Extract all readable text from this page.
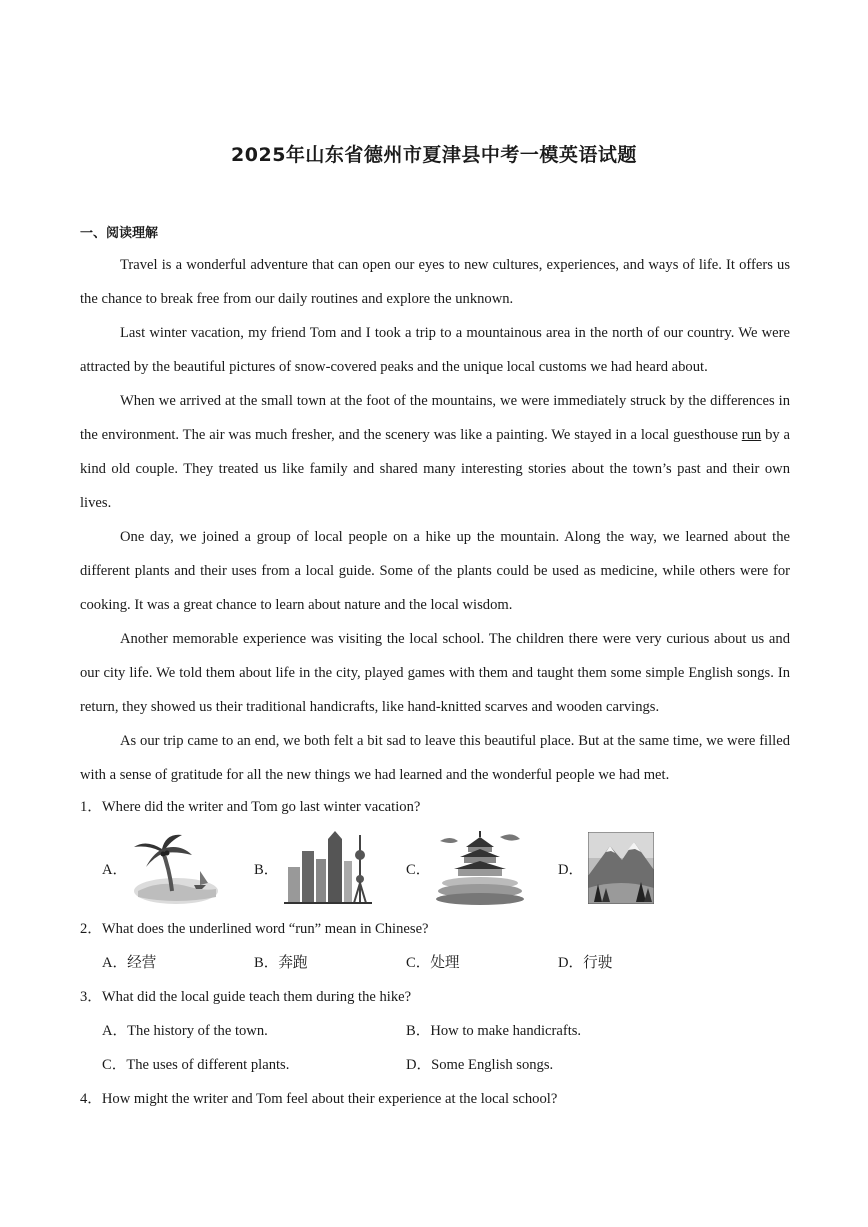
2025年山东省德州市夏津县中考一模英语试题
一、阅读理解

Travel is a wonderful adventure that can open our eyes to new cultures, experiences, and ways of life. It offers us the chance to break free from our daily routines and explore the unknown.

Last winter vacation, my friend Tom and I took a trip to a mountainous area in the north of our country. We were attracted by the beautiful pictures of snow-covered peaks and the unique local customs we had heard about.

When we arrived at the small town at the foot of the mountains, we were immediately struck by the differences in the environment. The air was much fresher, and the scenery was like a painting. We stayed in a local guesthouse run by a kind old couple. They treated us like family and shared many interesting stories about the town’s past and their own lives.

One day, we joined a group of local people on a hike up the mountain. Along the way, we learned about the different plants and their uses from a local guide. Some of the plants could be used as medicine, while others were for cooking. It was a great chance to learn about nature and the local wisdom.

Another memorable experience was visiting the local school. The children there were very curious about us and our city life. We told them about life in the city, played games with them and taught them some simple English songs. In return, they showed us their traditional handicrafts, like hand-knitted scarves and wooden carvings.

As our trip came to an end, we both felt a bit sad to leave this beautiful place. But at the same time, we were filled with a sense of gratitude for all the new things we had learned and the wonderful people we had met.

1．Where did the writer and Tom go last winter vacation?
A．	B．	C．	D．
2．What does the underlined word “run” mean in Chinese?
A．经营	B．奔跑	C．处理	D．行驶
3．What did the local guide teach them during the hike?
A．The history of the town.	B．How to make handicrafts.
C．The uses of different plants.	D．Some English songs.
4．How might the writer and Tom feel about their experience at the local school?
